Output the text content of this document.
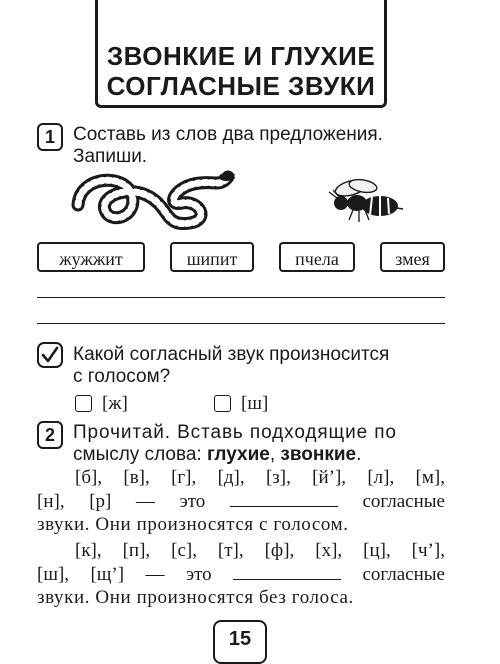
ЗВОНКИЕ И ГЛУХИЕ
СОГЛАСНЫЕ ЗВУКИ
1 Составь из слов два предложения.
Запиши.
жужжит	шипит	пчела	змея
Какой согласный звук произносится
с голосом?
[ж]	[ш]
2 Прочитай. Вставь подходящие по
смыслу слова: глухие, звонкие.
[б], [в], [г], [д], [з], [й’], [л], [м],
[н], [р] — это	согласные
звуки. Они произносятся с голосом.
[к], [п], [с], [т], [ф], [х], [ц], [ч’],
[ш], [щ’] — это	согласные
звуки. Они произносятся без голоса.
15
